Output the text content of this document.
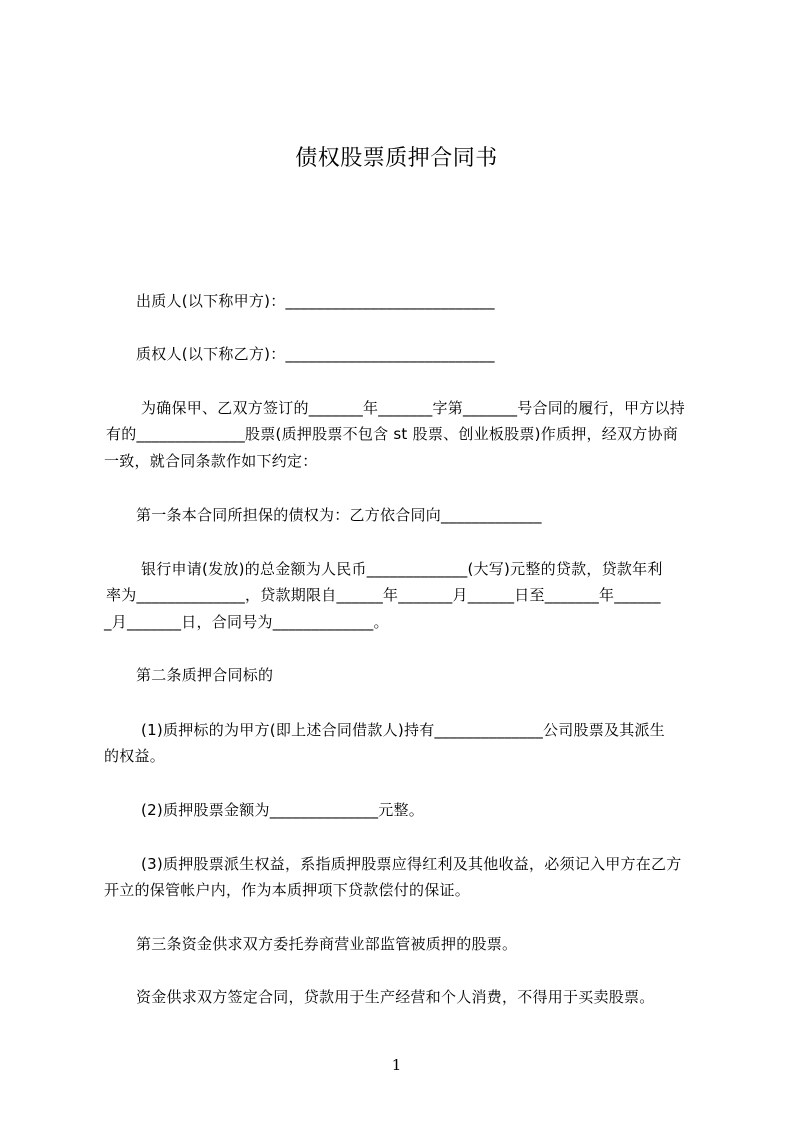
债权股票质押合同书
出质人(以下称甲方)：___________________________
质权人(以下称乙方)：___________________________
为确保甲、乙双方签订的_______年_______字第_______号合同的履行，甲方以持
有的______________股票(质押股票不包含 st 股票、创业板股票)作质押，经双方协商
一致，就合同条款作如下约定：
第一条本合同所担保的债权为：乙方依合同向_____________
银行申请(发放)的总金额为人民币_____________(大写)元整的贷款，贷款年利
率为______________，贷款期限自______年_______月______日至_______年______
_月_______日，合同号为_____________。
第二条质押合同标的
(1)质押标的为甲方(即上述合同借款人)持有______________公司股票及其派生
的权益。
(2)质押股票金额为______________元整。
(3)质押股票派生权益，系指质押股票应得红利及其他收益，必须记入甲方在乙方
开立的保管帐户内，作为本质押项下贷款偿付的保证。
第三条资金供求双方委托券商营业部监管被质押的股票。
资金供求双方签定合同，贷款用于生产经营和个人消费，不得用于买卖股票。
1
